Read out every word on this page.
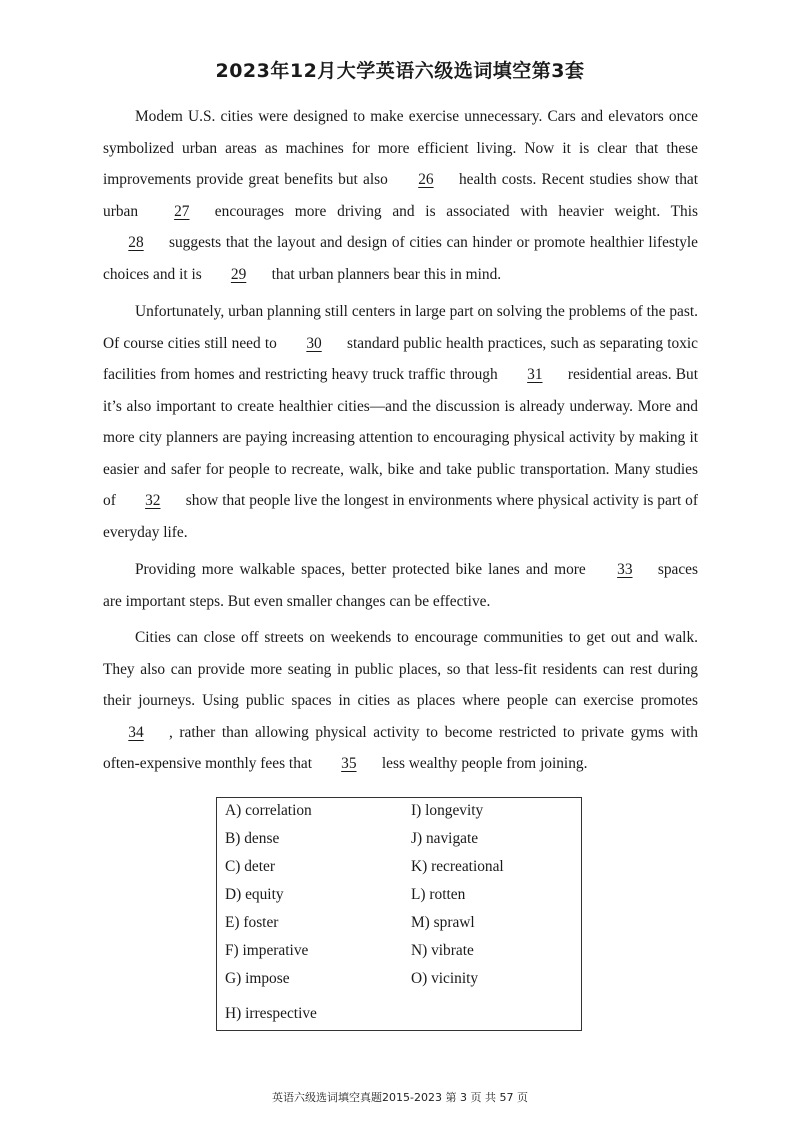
2023年12月大学英语六级选词填空第3套

Modem U.S. cities were designed to make exercise unnecessary. Cars and elevators once symbolized urban areas as machines for more efficient living. Now it is clear that these improvements provide great benefits but also 26 health costs. Recent studies show that urban 27 encourages more driving and is associated with heavier weight. This 28 suggests that the layout and design of cities can hinder or promote healthier lifestyle choices and it is 29 that urban planners bear this in mind.

Unfortunately, urban planning still centers in large part on solving the problems of the past. Of course cities still need to 30 standard public health practices, such as separating toxic facilities from homes and restricting heavy truck traffic through 31 residential areas. But it’s also important to create healthier cities—and the discussion is already underway. More and more city planners are paying increasing attention to encouraging physical activity by making it easier and safer for people to recreate, walk, bike and take public transportation. Many studies of 32 show that people live the longest in environments where physical activity is part of everyday life.

Providing more walkable spaces, better protected bike lanes and more 33 spaces are important steps. But even smaller changes can be effective.

Cities can close off streets on weekends to encourage communities to get out and walk. They also can provide more seating in public places, so that less-fit residents can rest during their journeys. Using public spaces in cities as places where people can exercise promotes 34 , rather than allowing physical activity to become restricted to private gyms with often-expensive monthly fees that 35 less wealthy people from joining.

A) correlation
B) dense
C) deter
D) equity
E) foster
F) imperative
G) impose
H) irrespective
I) longevity
J) navigate
K) recreational
L) rotten
M) sprawl
N) vibrate
O) vicinity
英语六级选词填空真题2015-2023 第 3 页 共 57 页
